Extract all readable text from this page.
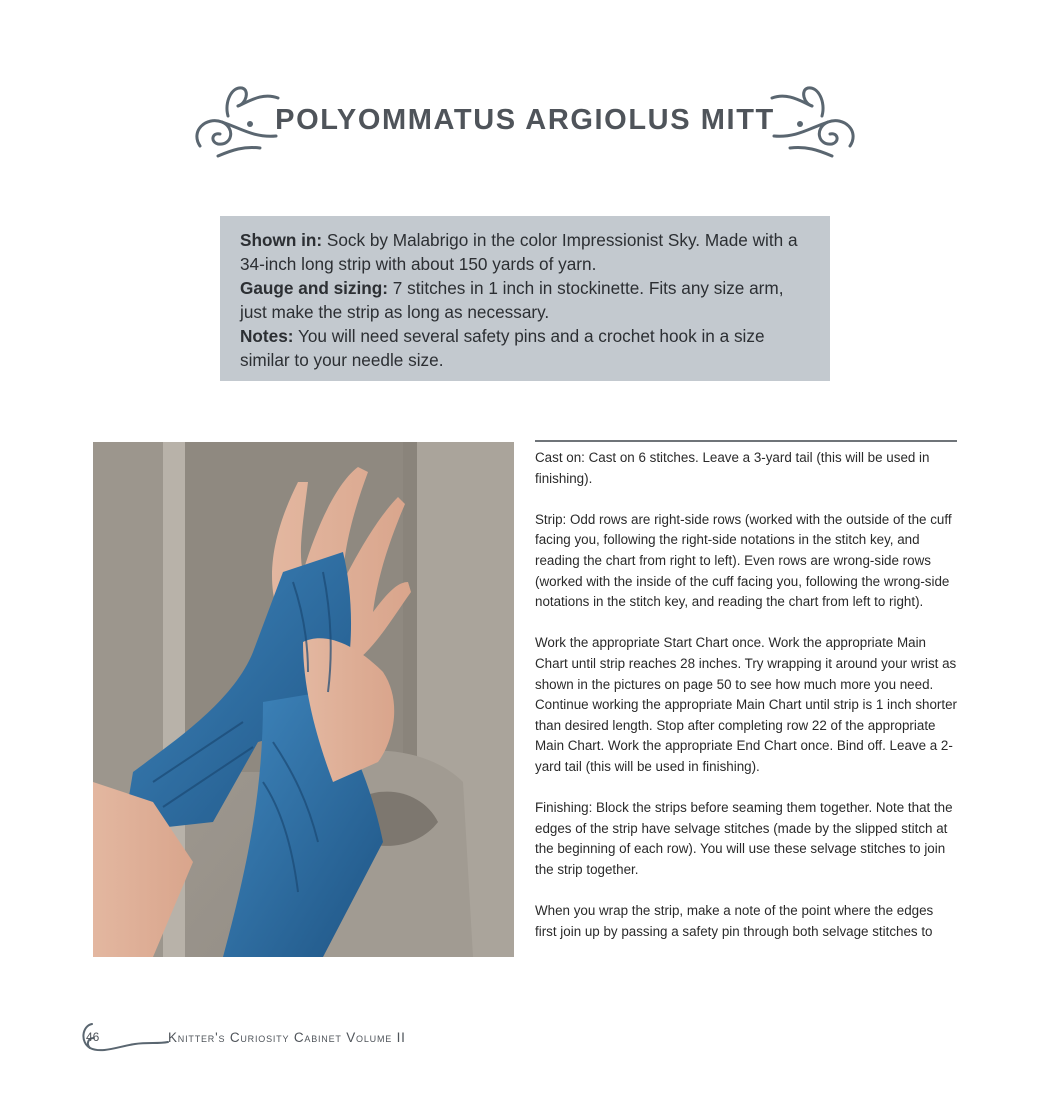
POLYOMMATUS ARGIOLUS MITT

Shown in: Sock by Malabrigo in the color Impressionist Sky. Made with a 34-inch long strip with about 150 yards of yarn.

Gauge and sizing: 7 stitches in 1 inch in stockinette. Fits any size arm, just make the strip as long as necessary.

Notes: You will need several safety pins and a crochet hook in a size similar to your needle size.

Cast on: Cast on 6 stitches. Leave a 3-yard tail (this will be used in finishing).

Strip: Odd rows are right-side rows (worked with the outside of the cuff facing you, following the right-side notations in the stitch key, and reading the chart from right to left). Even rows are wrong-side rows (worked with the inside of the cuff facing you, following the wrong-side notations in the stitch key, and reading the chart from left to right).

Work the appropriate Start Chart once. Work the appropriate Main Chart until strip reaches 28 inches. Try wrapping it around your wrist as shown in the pictures on page 50 to see how much more you need. Continue working the appropriate Main Chart until strip is 1 inch shorter than desired length. Stop after completing row 22 of the appropriate Main Chart. Work the appropriate End Chart once. Bind off. Leave a 2-yard tail (this will be used in finishing).

Finishing: Block the strips before seaming them together. Note that the edges of the strip have selvage stitches (made by the slipped stitch at the beginning of each row). You will use these selvage stitches to join the strip together.

When you wrap the strip, make a note of the point where the edges first join up by passing a safety pin through both selvage stitches to

46	Knitter's Curiosity Cabinet Volume II
